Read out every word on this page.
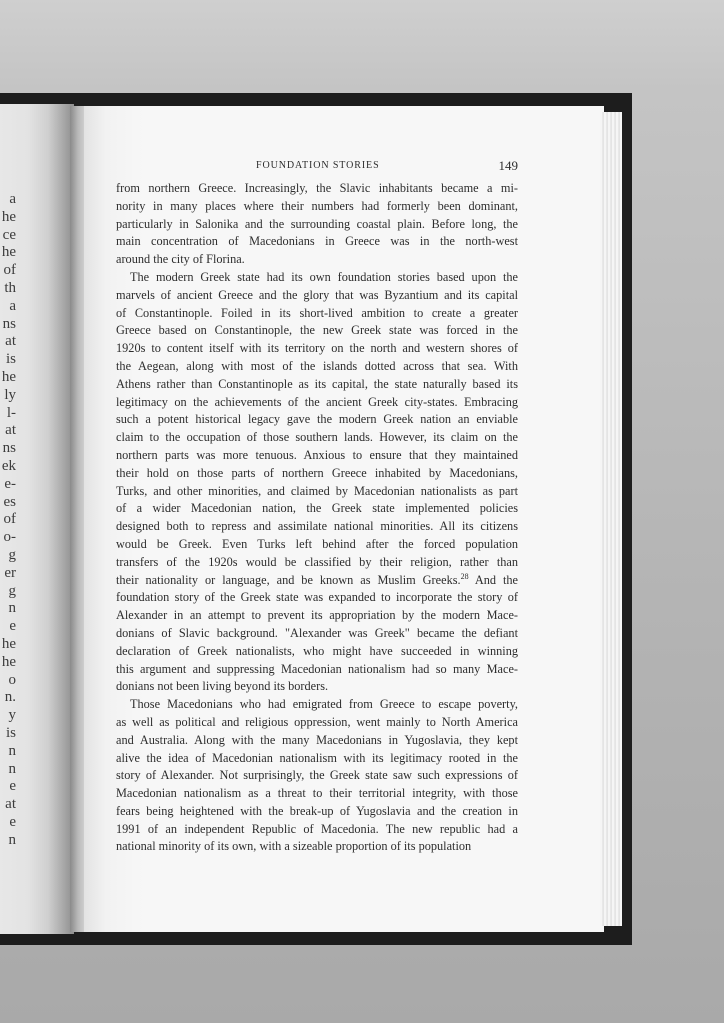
a
he
ce
he
of
th
a
ns
at
is
he
ly
l-
at
ns
ek
e-
es
of
o-
g
er
g
n
e
he
he
o
n.
y
is
n
n
e
at
e
n
FOUNDATION STORIES	149
from northern Greece. Increasingly, the Slavic inhabitants became a mi-
nority in many places where their numbers had formerly been dominant,
particularly in Salonika and the surrounding coastal plain. Before long, the
main concentration of Macedonians in Greece was in the north-west
around the city of Florina.
The modern Greek state had its own foundation stories based upon the
marvels of ancient Greece and the glory that was Byzantium and its capital
of Constantinople. Foiled in its short-lived ambition to create a greater
Greece based on Constantinople, the new Greek state was forced in the
1920s to content itself with its territory on the north and western shores of
the Aegean, along with most of the islands dotted across that sea. With
Athens rather than Constantinople as its capital, the state naturally based its
legitimacy on the achievements of the ancient Greek city-states. Embracing
such a potent historical legacy gave the modern Greek nation an enviable
claim to the occupation of those southern lands. However, its claim on the
northern parts was more tenuous. Anxious to ensure that they maintained
their hold on those parts of northern Greece inhabited by Macedonians,
Turks, and other minorities, and claimed by Macedonian nationalists as part
of a wider Macedonian nation, the Greek state implemented policies
designed both to repress and assimilate national minorities. All its citizens
would be Greek. Even Turks left behind after the forced population
transfers of the 1920s would be classified by their religion, rather than
their nationality or language, and be known as Muslim Greeks.$^{28}$ And the
foundation story of the Greek state was expanded to incorporate the story of
Alexander in an attempt to prevent its appropriation by the modern Mace-
donians of Slavic background. "Alexander was Greek" became the defiant
declaration of Greek nationalists, who might have succeeded in winning
this argument and suppressing Macedonian nationalism had so many Mace-
donians not been living beyond its borders.
Those Macedonians who had emigrated from Greece to escape poverty,
as well as political and religious oppression, went mainly to North America
and Australia. Along with the many Macedonians in Yugoslavia, they kept
alive the idea of Macedonian nationalism with its legitimacy rooted in the
story of Alexander. Not surprisingly, the Greek state saw such expressions of
Macedonian nationalism as a threat to their territorial integrity, with those
fears being heightened with the break-up of Yugoslavia and the creation in
1991 of an independent Republic of Macedonia. The new republic had a
national minority of its own, with a sizeable proportion of its population
